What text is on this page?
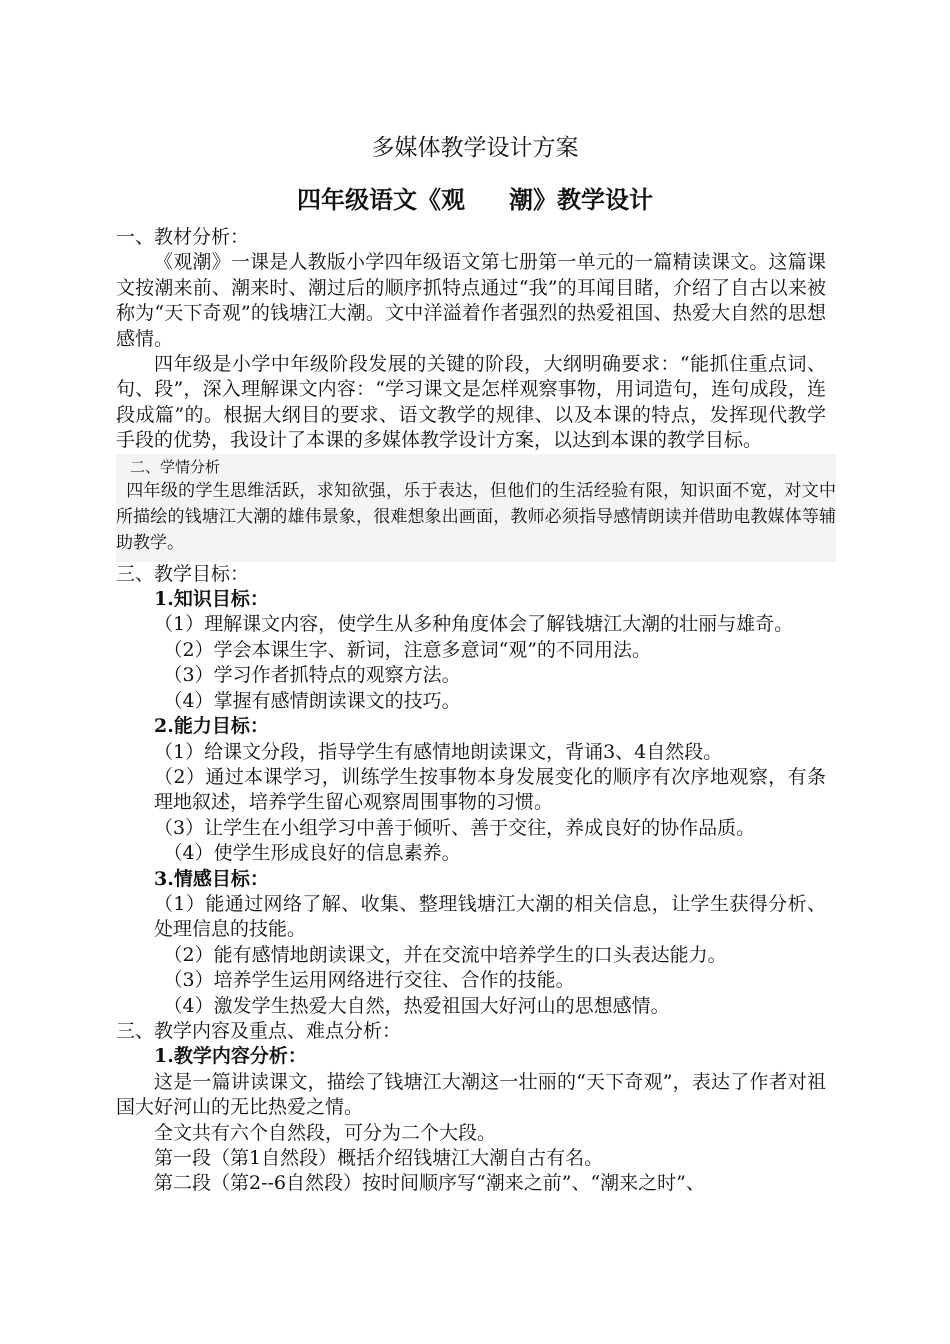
多媒体教学设计方案
四年级语文《观 潮》教学设计

一、教材分析：

《观潮》一课是人教版小学四年级语文第七册第一单元的一篇精读课文。这篇课文按潮来前、潮来时、潮过后的顺序抓特点通过“我”的耳闻目睹，介绍了自古以来被称为“天下奇观”的钱塘江大潮。文中洋溢着作者强烈的热爱祖国、热爱大自然的思想感情。

四年级是小学中年级阶段发展的关键的阶段，大纲明确要求：“能抓住重点词、句、段”，深入理解课文内容：“学习课文是怎样观察事物，用词造句，连句成段，连段成篇”的。根据大纲目的要求、语文教学的规律、以及本课的特点，发挥现代教学手段的优势，我设计了本课的多媒体教学设计方案，以达到本课的教学目标。

二、学情分析

四年级的学生思维活跃，求知欲强，乐于表达，但他们的生活经验有限，知识面不宽，对文中所描绘的钱塘江大潮的雄伟景象，很难想象出画面，教师必须指导感情朗读并借助电教媒体等辅助教学。

三、教学目标：

1.知识目标：

（1）理解课文内容，使学生从多种角度体会了解钱塘江大潮的壮丽与雄奇。

（2）学会本课生字、新词，注意多意词“观”的不同用法。

（3）学习作者抓特点的观察方法。

（4）掌握有感情朗读课文的技巧。

2.能力目标：

（1）给课文分段，指导学生有感情地朗读课文，背诵3、4自然段。

（2）通过本课学习，训练学生按事物本身发展变化的顺序有次序地观察，有条理地叙述，培养学生留心观察周围事物的习惯。

（3）让学生在小组学习中善于倾听、善于交往，养成良好的协作品质。

（4）使学生形成良好的信息素养。

3.情感目标：

（1）能通过网络了解、收集、整理钱塘江大潮的相关信息，让学生获得分析、处理信息的技能。

（2）能有感情地朗读课文，并在交流中培养学生的口头表达能力。

（3）培养学生运用网络进行交往、合作的技能。

（4）激发学生热爱大自然，热爱祖国大好河山的思想感情。

三、教学内容及重点、难点分析：

1.教学内容分析：

这是一篇讲读课文，描绘了钱塘江大潮这一壮丽的“天下奇观”，表达了作者对祖国大好河山的无比热爱之情。

全文共有六个自然段，可分为二个大段。

第一段（第1自然段）概括介绍钱塘江大潮自古有名。

第二段（第2--6自然段）按时间顺序写“潮来之前”、“潮来之时”、
